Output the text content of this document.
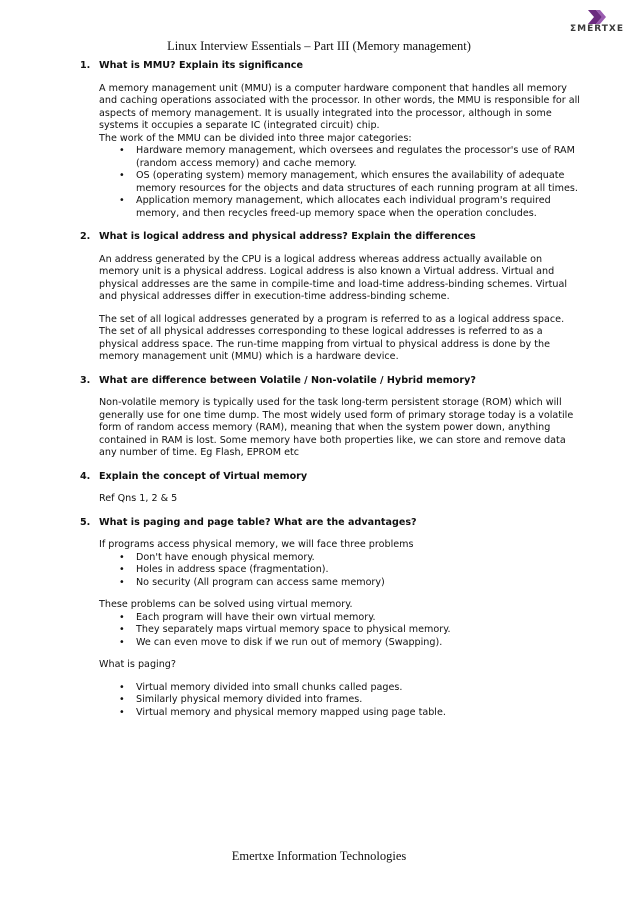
ΣMERTXE
Linux Interview Essentials – Part III (Memory management)
1. What is MMU? Explain its significance

A memory management unit (MMU) is a computer hardware component that handles all memory and caching operations associated with the processor. In other words, the MMU is responsible for all aspects of memory management. It is usually integrated into the processor, although in some systems it occupies a separate IC (integrated circuit) chip.

The work of the MMU can be divided into three major categories:

• Hardware memory management, which oversees and regulates the processor's use of RAM (random access memory) and cache memory.
• OS (operating system) memory management, which ensures the availability of adequate memory resources for the objects and data structures of each running program at all times.
• Application memory management, which allocates each individual program's required memory, and then recycles freed-up memory space when the operation concludes.
2. What is logical address and physical address? Explain the differences

An address generated by the CPU is a logical address whereas address actually available on memory unit is a physical address. Logical address is also known a Virtual address. Virtual and physical addresses are the same in compile-time and load-time address-binding schemes. Virtual and physical addresses differ in execution-time address-binding scheme.

The set of all logical addresses generated by a program is referred to as a logical address space. The set of all physical addresses corresponding to these logical addresses is referred to as a physical address space. The run-time mapping from virtual to physical address is done by the memory management unit (MMU) which is a hardware device.

3. What are difference between Volatile / Non-volatile / Hybrid memory?

Non-volatile memory is typically used for the task long-term persistent storage (ROM) which will generally use for one time dump. The most widely used form of primary storage today is a volatile form of random access memory (RAM), meaning that when the system power down, anything contained in RAM is lost. Some memory have both properties like, we can store and remove data any number of time. Eg Flash, EPROM etc

4. Explain the concept of Virtual memory

Ref Qns 1, 2 & 5

5. What is paging and page table? What are the advantages?

If programs access physical memory, we will face three problems

• Don't have enough physical memory.
• Holes in address space (fragmentation).
• No security (All program can access same memory)

These problems can be solved using virtual memory.

• Each program will have their own virtual memory.
• They separately maps virtual memory space to physical memory.
• We can even move to disk if we run out of memory (Swapping).

What is paging?

• Virtual memory divided into small chunks called pages.
• Similarly physical memory divided into frames.
• Virtual memory and physical memory mapped using page table.
Emertxe Information Technologies
